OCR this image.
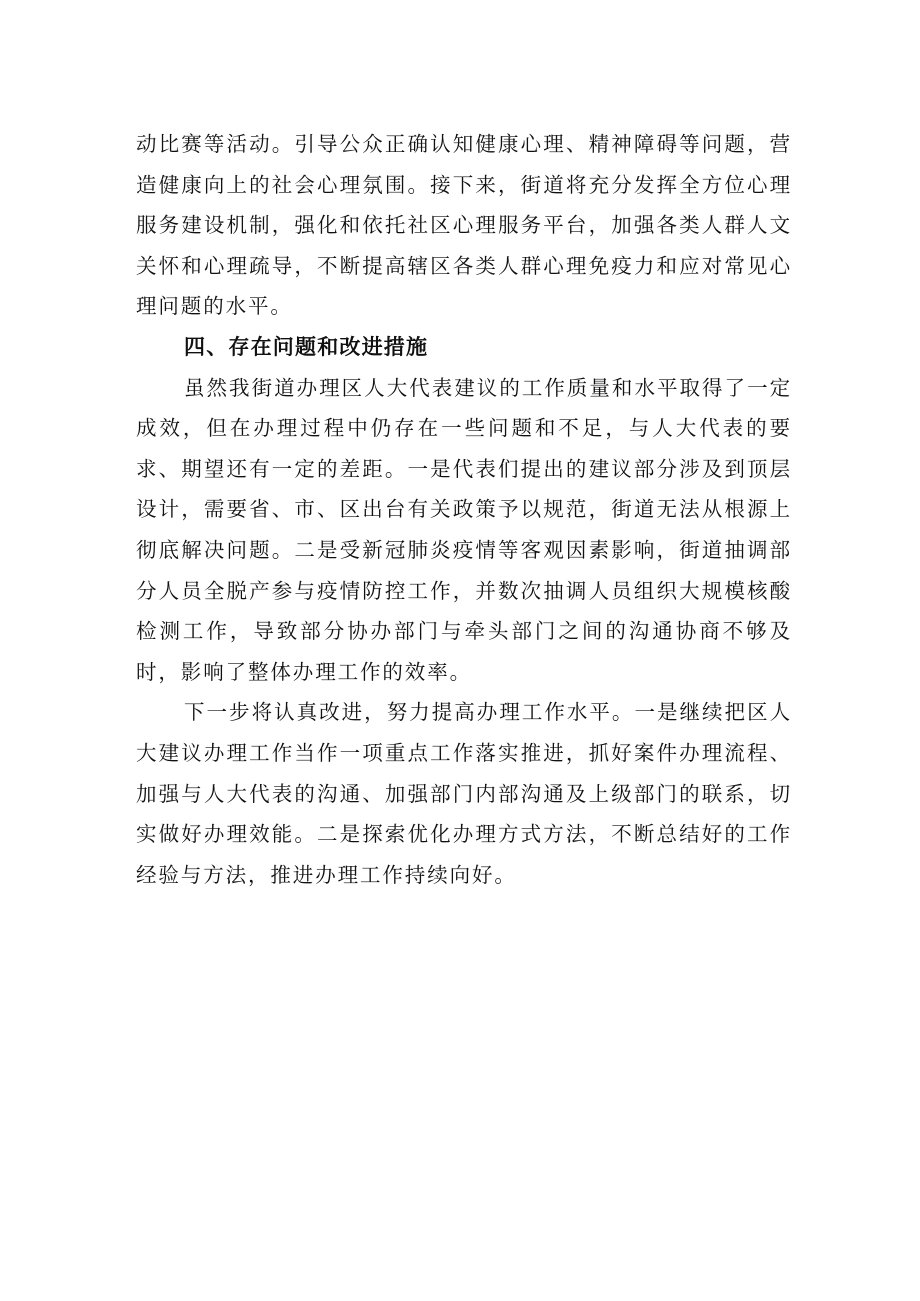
动比赛等活动。引导公众正确认知健康心理、精神障碍等问题，营造健康向上的社会心理氛围。接下来，街道将充分发挥全方位心理服务建设机制，强化和依托社区心理服务平台，加强各类人群人文关怀和心理疏导，不断提高辖区各类人群心理免疫力和应对常见心理问题的水平。

四、存在问题和改进措施

虽然我街道办理区人大代表建议的工作质量和水平取得了一定成效，但在办理过程中仍存在一些问题和不足，与人大代表的要求、期望还有一定的差距。一是代表们提出的建议部分涉及到顶层设计，需要省、市、区出台有关政策予以规范，街道无法从根源上彻底解决问题。二是受新冠肺炎疫情等客观因素影响，街道抽调部分人员全脱产参与疫情防控工作，并数次抽调人员组织大规模核酸检测工作，导致部分协办部门与牵头部门之间的沟通协商不够及时，影响了整体办理工作的效率。

下一步将认真改进，努力提高办理工作水平。一是继续把区人大建议办理工作当作一项重点工作落实推进，抓好案件办理流程、加强与人大代表的沟通、加强部门内部沟通及上级部门的联系，切实做好办理效能。二是探索优化办理方式方法，不断总结好的工作经验与方法，推进办理工作持续向好。
